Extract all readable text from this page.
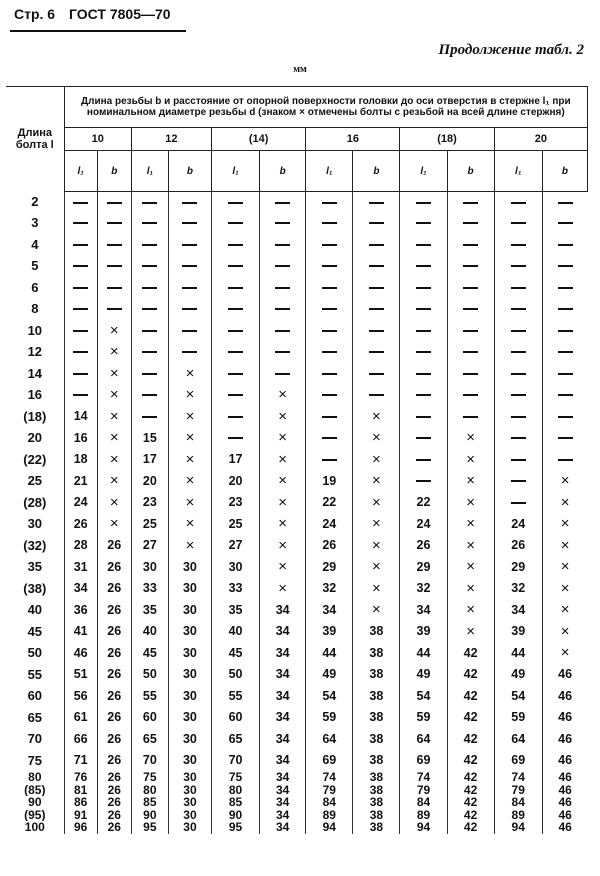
Стр. 6 ГОСТ 7805—70
Продолжение табл. 2
мм
Длина болта l	Длина резьбы b и расстояние от опорной поверхности головки до оси отверстия в стержне l₁ при номинальном диаметре резьбы d (знаком × отмечены болты с резьбой на всей длине стержня)											
	10		12		(14)		16		(18)		20	
	l₁	b	l₁	b	l₁	b	l₁	b	l₁	b	l₁	b
2												
3												
4												
5												
6												
8												
10		×										
12		×										
14		×		×								
16		×		×		×						
(18)	14	×		×		×		×				
20	16	×	15	×		×		×		×		
(22)	18	×	17	×	17	×		×		×		
25	21	×	20	×	20	×	19	×		×		×
(28)	24	×	23	×	23	×	22	×	22	×		×
30	26	×	25	×	25	×	24	×	24	×	24	×
(32)	28	26	27	×	27	×	26	×	26	×	26	×
35	31	26	30	30	30	×	29	×	29	×	29	×
(38)	34	26	33	30	33	×	32	×	32	×	32	×
40	36	26	35	30	35	34	34	×	34	×	34	×
45	41	26	40	30	40	34	39	38	39	×	39	×
50	46	26	45	30	45	34	44	38	44	42	44	×
55	51	26	50	30	50	34	49	38	49	42	49	46
60	56	26	55	30	55	34	54	38	54	42	54	46
65	61	26	60	30	60	34	59	38	59	42	59	46
70	66	26	65	30	65	34	64	38	64	42	64	46
75	71	26	70	30	70	34	69	38	69	42	69	46
80	76	26	75	30	75	34	74	38	74	42	74	46
(85)	81	26	80	30	80	34	79	38	79	42	79	46
90	86	26	85	30	85	34	84	38	84	42	84	46
(95)	91	26	90	30	90	34	89	38	89	42	89	46
100	96	26	95	30	95	34	94	38	94	42	94	46
